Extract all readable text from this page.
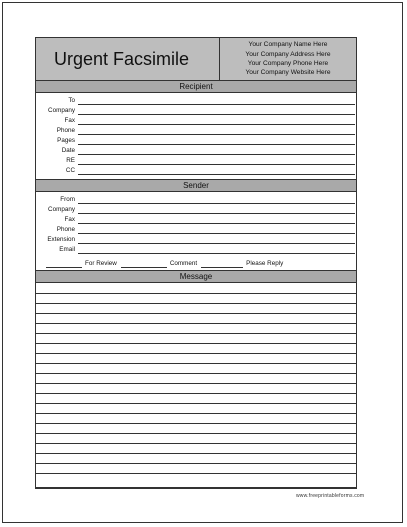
Urgent Facsimile
Your Company Name Here
Your Company Address Here
Your Company Phone Here
Your Company Website Here
Recipient
To
Company
Fax
Phone
Pages
Date
RE
CC
Sender
From
Company
Fax
Phone
Extension
Email
For Review	Comment	Please Reply
Message
www.freeprintableforms.com
